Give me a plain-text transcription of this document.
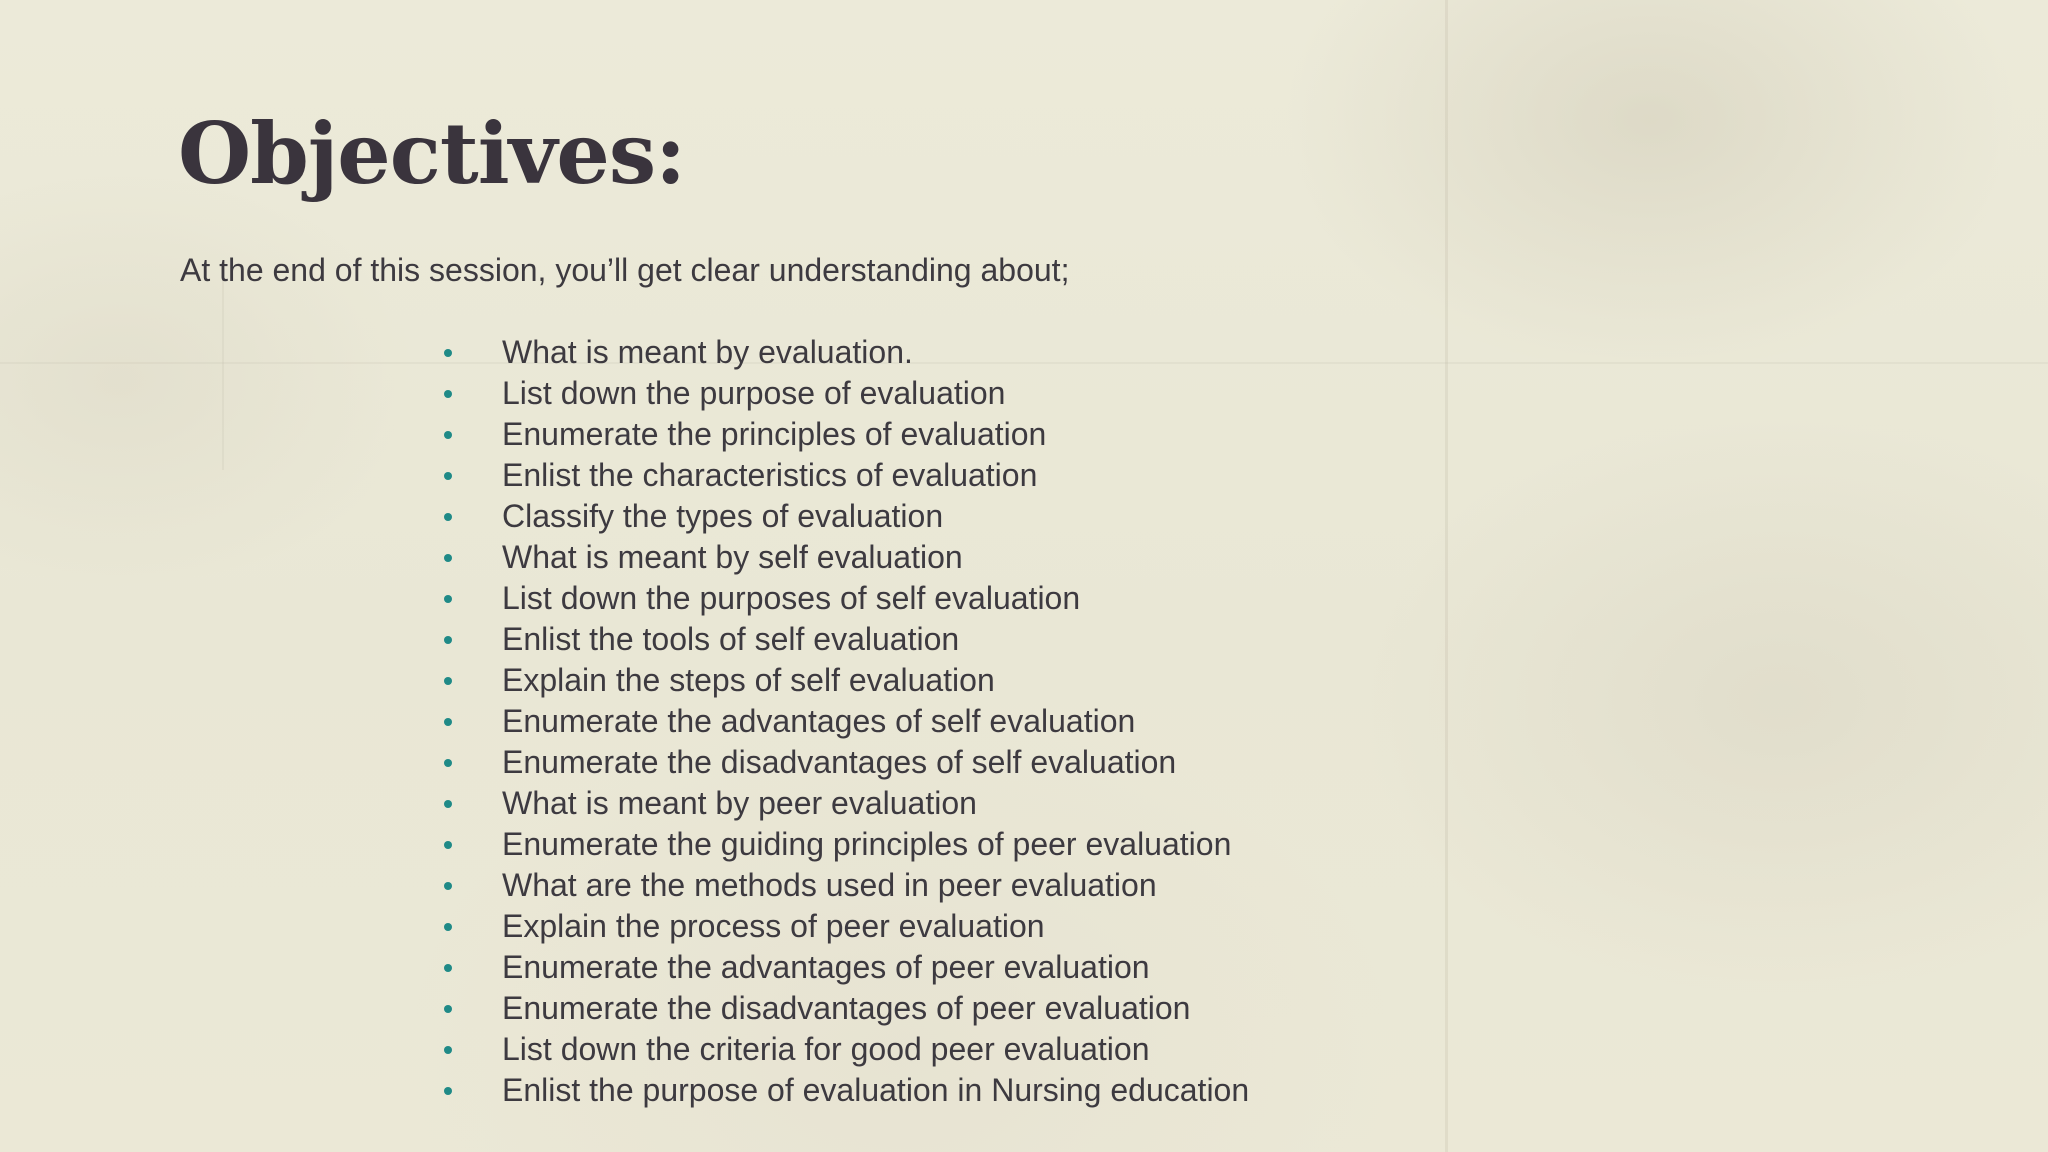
Objectives:

At the end of this session, you’ll get clear understanding about;

What is meant by evaluation.
List down the purpose of evaluation
Enumerate the principles of evaluation
Enlist the characteristics of evaluation
Classify the types of evaluation
What is meant by self evaluation
List down the purposes of self evaluation
Enlist the tools of self evaluation
Explain the steps of self evaluation
Enumerate the advantages of self evaluation
Enumerate the disadvantages of self evaluation
What is meant by peer evaluation
Enumerate the guiding principles of peer evaluation
What are the methods used in peer evaluation
Explain the process of peer evaluation
Enumerate the advantages of peer evaluation
Enumerate the disadvantages of peer evaluation
List down the criteria for good peer evaluation
Enlist the purpose of evaluation in Nursing education
